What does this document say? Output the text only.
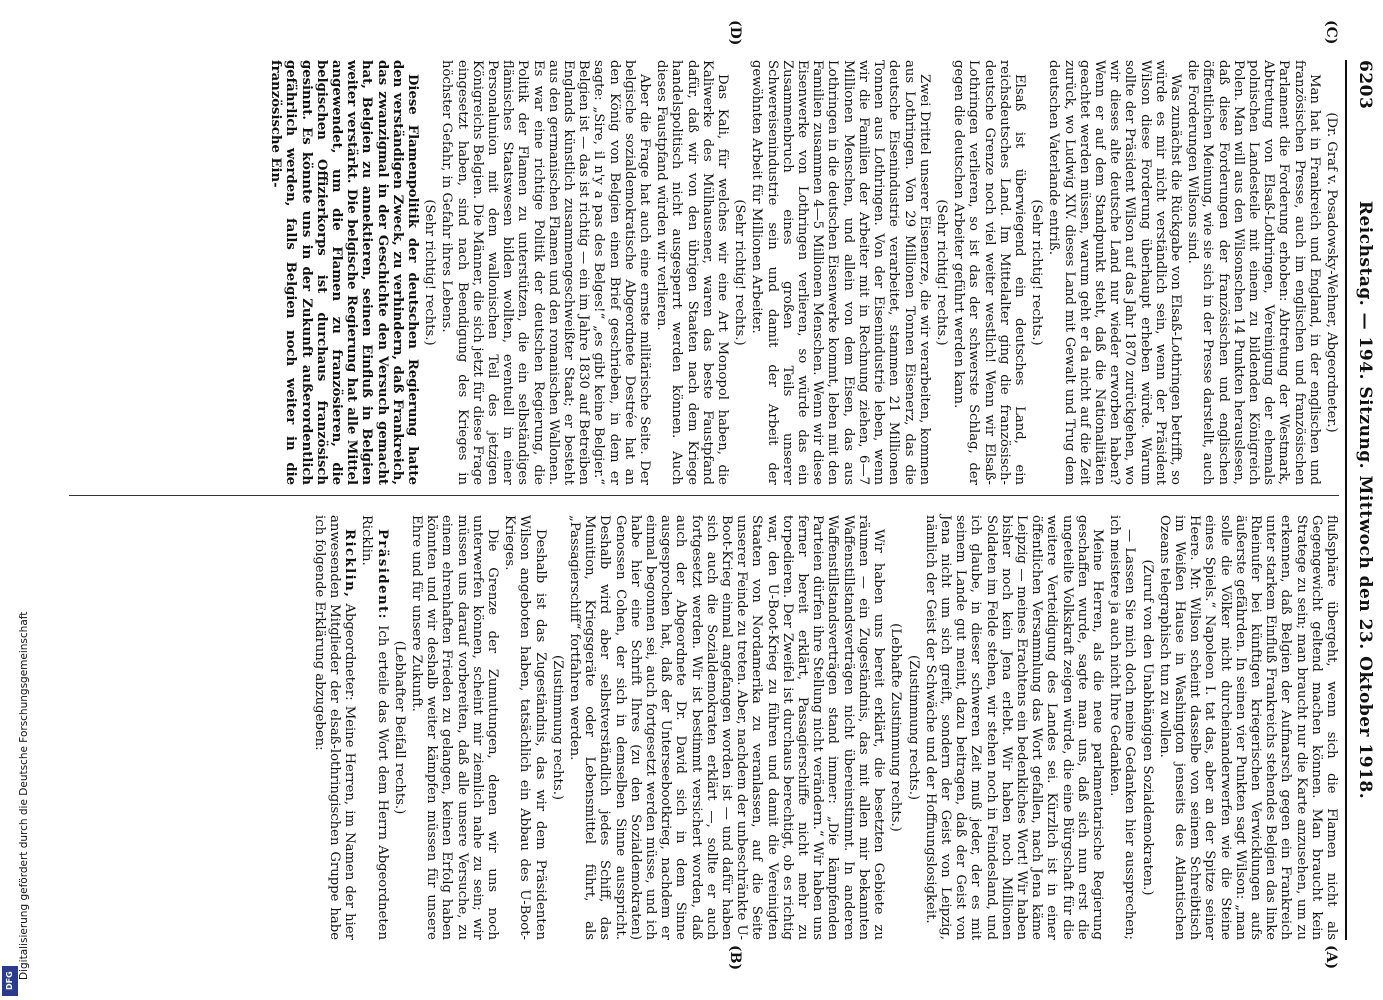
6203
Reichstag. — 194. Sitzung. Mittwoch den 23. Oktober 1918.
(A)
(B)
(C)
(D)

(Dr. Graf v. Posadowsky-Wehner, Abgeordneter.)

Man hat in Frankreich und England, in der englischen und französischen Presse, auch im englischen und französischen Parlament die Forderung erhoben: Abtretung der Westmark, Abtretung von Elsaß-Lothringen, Vereinigung der ehemals polnischen Landesteile mit einem zu bildenden Königreich Polen. Man will aus den Wilsonschen 14 Punkten herauslesen, daß diese Forderungen der französischen und englischen öffentlichen Meinung, wie sie sich in der Presse darstellt, auch die Forderungen Wilsons sind.

Was zunächst die Rückgabe von Elsaß-Lothringen betrifft, so würde es mir nicht verständlich sein, wenn der Präsident Wilson diese Forderung überhaupt erheben würde. Warum sollte der Präsident Wilson auf das Jahr 1870 zurückgehen, wo wir dieses alte deutsche Land nur wieder erworben haben? Wenn er auf dem Standpunkt steht, daß die Nationalitäten geachtet werden müssen, warum geht er da nicht auf die Zeit zurück, wo Ludwig XIV. dieses Land mit Gewalt und Trug dem deutschen Vaterlande entriß.

(Sehr richtig! rechts.)

Elsaß ist überwiegend ein deutsches Land, ein reichsdeutsches Land. Im Mittelalter ging die französisch-deutsche Grenze noch viel weiter westlich! Wenn wir Elsaß-Lothringen verlieren, so ist das der schwerste Schlag, der gegen die deutschen Arbeiter geführt werden kann.

(Sehr richtig! rechts.)

Zwei Drittel unserer Eisenerze, die wir verarbeiten, kommen aus Lothringen. Von 29 Millionen Tonnen Eisenerz, das die deutsche Eisenindustrie verarbeitet, stammen 21 Millionen Tonnen aus Lothringen. Von der Eisenindustrie leben, wenn wir die Familien der Arbeiter mit in Rechnung ziehen, 6—7 Millionen Menschen, und allein von dem Eisen, das aus Lothringen in die deutschen Eisenwerke kommt, leben mit den Familien zusammen 4—5 Millionen Menschen. Wenn wir diese Eisenwerke von Lothringen verlieren, so würde das ein Zusammenbruch eines großen Teils unserer Schwereisenindustrie sein und damit der Arbeit der gewöhnten Arbeit für Millionen Arbeiter.

(Sehr richtig! rechts.)

Das Kali, für welches wir eine Art Monopol haben, die Kaliwerke des Mülhausener, waren das beste Faustpfand dafür, daß wir von den übrigen Staaten nach dem Kriege handelspolitisch nicht ausgesperrt werden können. Auch dieses Faustpfand würden wir verlieren.

Aber die Frage hat auch eine ernste militärische Seite. Der belgische sozialdemokratische Abgeordnete Destrée hat an den König von Belgien einen Brief geschrieben, in dem er sagte: „Sire, il n'y a pas des Belges!“ „es gibt keine Belgier.“ Belgien ist — das ist richtig — ein im Jahre 1830 auf Betreiben Englands künstlich zusammengeschweißter Staat; er besteht aus den germanischen Flamen und den romanischen Wallonen. Es war eine richtige Politik der deutschen Regierung, die Politik der Flamen zu unterstützen, die ein selbständiges flämisches Staatswesen bilden wollten, eventuell in einer Personalunion mit dem wallonischen Teil des jetzigen Königreichs Belgien. Die Männer, die sich jetzt für diese Frage eingesetzt haben, sind nach Beendigung des Krieges in höchster Gefahr, in Gefahr ihres Lebens.

(Sehr richtig! rechts.)

Diese Flamenpolitik der deutschen Regierung hatte den verständigen Zweck, zu verhindern, daß Frankreich, das zwanzigmal in der Geschichte den Versuch gemacht hat, Belgien zu annektieren, seinen Einfluß in Belgien weiter verstärkt. Die belgische Regierung hat alle Mittel angewendet, um die Flamen zu französieren, die belgischen Offizierkorps ist durchaus französisch gesinnt. Es könnte uns in der Zukunft außerordentlich gefährlich werden, falls Belgien noch weiter in die französische Ein-

flußsphäre übergeht, wenn sich die Flamen nicht als Gegengewicht geltend machen können. Man braucht kein Stratege zu sein; man braucht nur die Karte anzusehen, um zu erkennen, daß Belgien der Aufmarsch gegen ein Frankreich unter starkem Einfluß Frankreichs stehendes Belgien das linke Rheinufer bei künftigen kriegerischen Verwicklungen aufs äußerste gefährden. In seinen vier Punkten sagt Wilson: „man solle die Völker nicht durcheinanderwerfen wie die Steine eines Spiels.“ Napoleon I. tat das, aber an der Spitze seiner Heere. Mr. Wilson scheint dasselbe von seinem Schreibtisch im Weißen Hause in Washington jenseits des Atlantischen Ozeans telegraphisch tun zu wollen.

(Zuruf von den Unabhängigen Sozialdemokraten.)

— Lassen Sie mich doch meine Gedanken hier aussprechen; ich meistere ja auch nicht Ihre Gedanken.

Meine Herren, als die neue parlamentarische Regierung geschaffen wurde, sagte man uns, daß sich nun erst die ungeteilte Volkskraft zeigen würde, die eine Bürgschaft für die weitere Verteidigung des Landes sei. Kürzlich ist in einer öffentlichen Versammlung das Wort gefallen, nach Jena käme Leipzig — meines Erachtens ein bedenkliches Wort! Wir haben bisher noch kein Jena erlebt. Wir haben noch Millionen Soldaten im Felde stehen, wir stehen noch in Feindesland, und ich glaube, in dieser schweren Zeit muß jeder, der es mit seinem Lande gut meint, dazu beitragen, daß der Geist von Jena nicht um sich greift, sondern der Geist von Leipzig, nämlich der Geist der Schwäche und der Hoffnungslosigkeit.

(Zustimmung rechts.)

(Lebhafte Zustimmung rechts.)

Wir haben uns bereit erklärt, die besetzten Gebiete zu räumen — ein Zugeständnis, das mit allen mir bekannten Waffenstillstandsverträgen nicht übereinstimmt. In anderen Waffenstillstandsverträgen stand immer: „Die kämpfenden Parteien dürfen ihre Stellung nicht verändern.“ Wir haben uns ferner bereit erklärt, Passagierschiffe nicht mehr zu torpedieren. Der Zweifel ist durchaus berechtigt, ob es richtig war, den U-Boot-Krieg zu führen und damit die Vereinigten Staaten von Nordamerika zu veranlassen, auf die Seite unserer Feinde zu treten. Aber, nachdem der unbeschränkte U-Boot-Krieg einmal angefangen worden ist — und dafür haben sich auch die Sozialdemokraten erklärt —, sollte er auch fortgesetzt werden. Wir ist bestimmt versichert worden, daß auch der Abgeordnete Dr. David sich in dem Sinne ausgesprochen hat, daß der Unterseebootkrieg, nachdem er einmal begonnen sei, auch fortgesetzt werden müsse, und ich habe hier eine Schrift Ihres (zu den Sozialdemokraten) Genossen Cohen, der sich in demselben Sinne ausspricht. Deshalb wird aber selbstverständlich jedes Schiff, das Munition, Kriegsgeräte oder Lebensmittel führt, als „Passagierschiff“ fortfahren werden.

(Zustimmung rechts.)

Deshalb ist das Zugeständnis, das wir dem Präsidenten Wilson angeboten haben, tatsächlich ein Abbau des U-Boot-Krieges.

Die Grenze der Zumutungen, denen wir uns noch unterwerfen können, scheint mir ziemlich nahe zu sein; wir müssen uns darauf vorbereiten, daß alle unsere Versuche, zu einem ehrenhaften Frieden zu gelangen, keinen Erfolg haben könnten und wir deshalb weiter kämpfen müssen für unsere Ehre und für unsere Zukunft.

(Lebhafter Beifall rechts.)

Präsident: Ich erteile das Wort dem Herrn Abgeordneten Ricklin.

Ricklin, Abgeordneter: Meine Herren, im Namen der hier anwesenden Mitglieder der elsaß-lothringischen Gruppe habe ich folgende Erklärung abzugeben:

Digitalisierung gefördert durch die Deutsche Forschungsgemeinschaft
DFG
